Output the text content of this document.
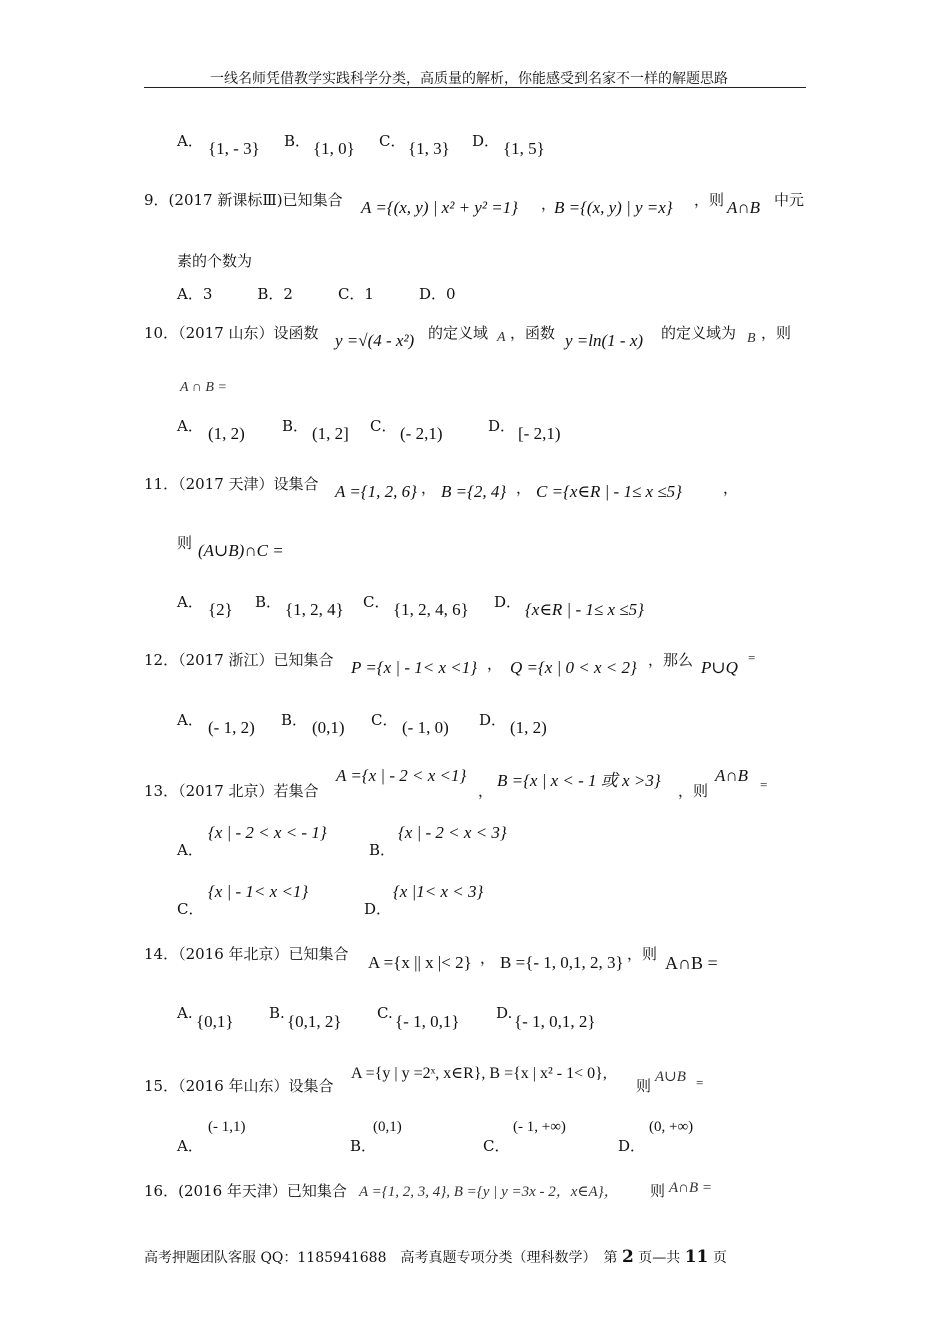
一线名师凭借教学实践科学分类，高质量的解析，你能感受到名家不一样的解题思路
A． {1, - 3} B． {1, 0} C． {1, 3} D． {1, 5}
9．(2017 新课标Ⅲ)已知集合 A ={(x, y) | x² + y² =1} ，
B ={(x, y) | y =x} ，则 A∩B 中元
素的个数为
A．3　　　B．2　　　C．1　　　D．0
10．（2017 山东）设函数 y =√(4 - x²) 的定义域 A ，函数 y =ln(1 - x) 的定义域为 B ，则
A ∩ B =
A． (1, 2) B． (1, 2] C． (- 2,1)	D． [- 2,1)
11．（2017 天津）设集合 A ={1, 2, 6} ， B ={2, 4} ， C ={x∈R | - 1≤ x ≤5}	，
则 (A∪B)∩C =
A． {2} B． {1, 2, 4} C． {1, 2, 4, 6} D． {x∈R | - 1≤ x ≤5}
12．（2017 浙江）已知集合 P ={x | - 1< x <1} ， Q ={x | 0 < x < 2} ，那么 P∪Q
=
A． (- 1, 2) B． (0,1) C． (- 1, 0) D． (1, 2)
13．（2017 北京）若集合
A ={x | - 2 < x <1}
，
B ={x | x < - 1 或 x >3}
，则
A∩B =
A．
{x | - 2 < x < - 1}
B．
{x | - 2 < x < 3}
C．
{x | - 1< x <1}
D．
{x |1< x < 3}
14．（2016 年北京）已知集合 A ={x || x |< 2} ， B ={- 1, 0,1, 2, 3} ，则 A∩B =
A. {0,1} B. {0,1, 2} C. {- 1, 0,1} D. {- 1, 0,1, 2}
15．（2016 年山东）设集合
A ={y | y =2ˣ, x∈R}, B ={x | x² - 1< 0},
则 A∪B =
A．
(- 1,1)
B．
(0,1)
C．
(- 1, +∞)
D．
(0, +∞)
16．(2016 年天津）已知集合 A ={1, 2, 3, 4}, B ={y | y =3x - 2，x∈A}， 则 A∩B =
高考押题团队客服 QQ：1185941688　高考真题专项分类（理科数学）　第 2 页—共 11 页
